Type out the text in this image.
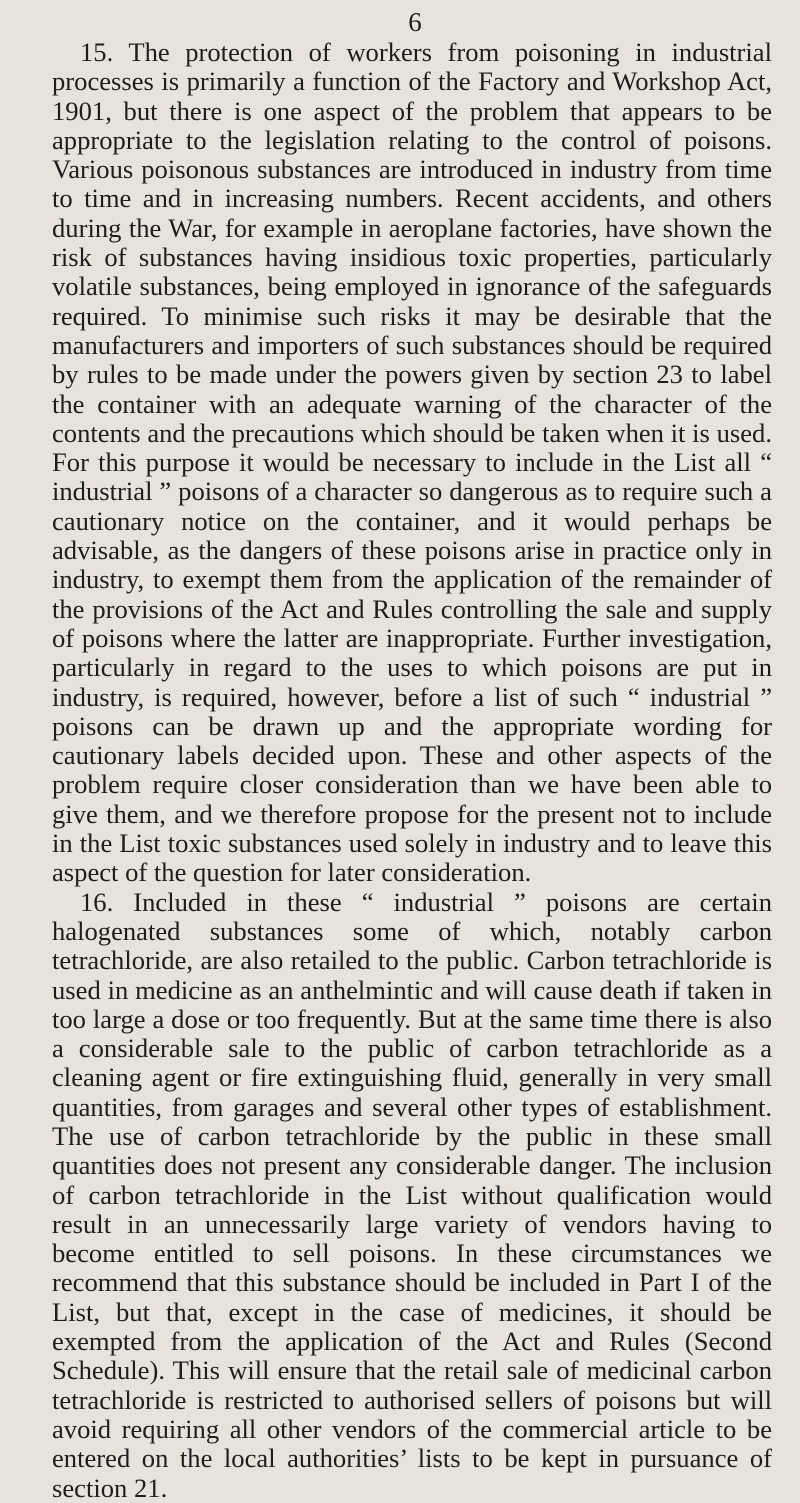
6

15. The protection of workers from poisoning in industrial processes is primarily a function of the Factory and Workshop Act, 1901, but there is one aspect of the problem that appears to be appropriate to the legislation relating to the control of poisons. Various poisonous substances are introduced in industry from time to time and in increasing numbers. Recent accidents, and others during the War, for example in aeroplane factories, have shown the risk of substances having insidious toxic properties, particularly volatile substances, being employed in ignorance of the safeguards required. To minimise such risks it may be desirable that the manufacturers and importers of such substances should be required by rules to be made under the powers given by section 23 to label the container with an adequate warning of the character of the contents and the precautions which should be taken when it is used. For this purpose it would be necessary to include in the List all “ industrial ” poisons of a character so dangerous as to require such a cautionary notice on the container, and it would perhaps be advisable, as the dangers of these poisons arise in practice only in industry, to exempt them from the application of the remainder of the provisions of the Act and Rules controlling the sale and supply of poisons where the latter are inappropriate. Further investigation, particularly in regard to the uses to which poisons are put in industry, is required, however, before a list of such “ industrial ” poisons can be drawn up and the appropriate wording for cautionary labels decided upon. These and other aspects of the problem require closer consideration than we have been able to give them, and we therefore propose for the present not to include in the List toxic substances used solely in industry and to leave this aspect of the question for later consideration.

16. Included in these “ industrial ” poisons are certain halogenated substances some of which, notably carbon tetrachloride, are also retailed to the public. Carbon tetrachloride is used in medicine as an anthelmintic and will cause death if taken in too large a dose or too frequently. But at the same time there is also a considerable sale to the public of carbon tetrachloride as a cleaning agent or fire extinguishing fluid, generally in very small quantities, from garages and several other types of establishment. The use of carbon tetrachloride by the public in these small quantities does not present any considerable danger. The inclusion of carbon tetrachloride in the List without qualification would result in an unnecessarily large variety of vendors having to become entitled to sell poisons. In these circumstances we recommend that this substance should be included in Part I of the List, but that, except in the case of medicines, it should be exempted from the application of the Act and Rules (Second Schedule). This will ensure that the retail sale of medicinal carbon tetrachloride is restricted to authorised sellers of poisons but will avoid requiring all other vendors of the commercial article to be entered on the local authorities’ lists to be kept in pursuance of section 21.
